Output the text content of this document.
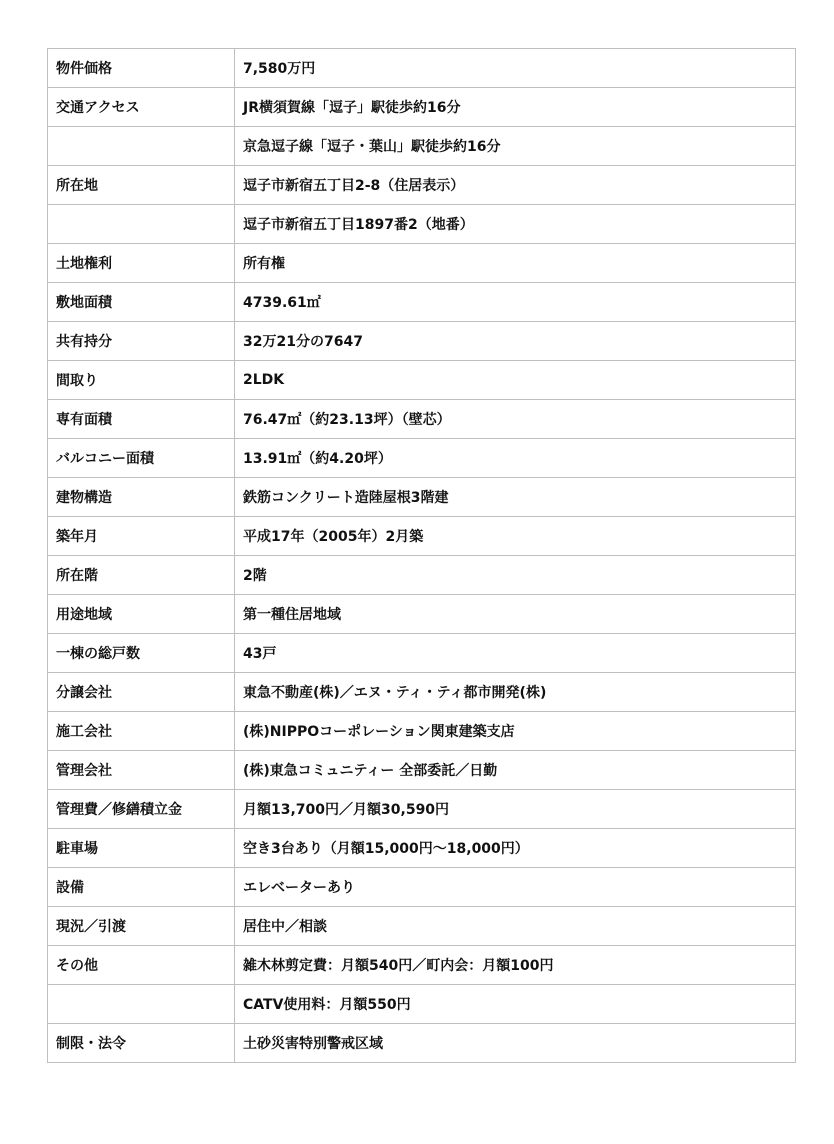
物件価格	7,580万円
交通アクセス	JR横須賀線「逗子」駅徒歩約16分
	京急逗子線「逗子・葉山」駅徒歩約16分
所在地	逗子市新宿五丁目2-8（住居表示）
	逗子市新宿五丁目1897番2（地番）
土地権利	所有権
敷地面積	4739.61㎡
共有持分	32万21分の7647
間取り	2LDK
専有面積	76.47㎡（約23.13坪）（壁芯）
バルコニー面積	13.91㎡（約4.20坪）
建物構造	鉄筋コンクリート造陸屋根3階建
築年月	平成17年（2005年）2月築
所在階	2階
用途地域	第一種住居地域
一棟の総戸数	43戸
分譲会社	東急不動産(株)／エヌ・ティ・ティ都市開発(株)
施工会社	(株)NIPPOコーポレーション関東建築支店
管理会社	(株)東急コミュニティー 全部委託／日勤
管理費／修繕積立金	月額13,700円／月額30,590円
駐車場	空き3台あり（月額15,000円～18,000円）
設備	エレベーターあり
現況／引渡	居住中／相談
その他	雑木林剪定費：月額540円／町内会：月額100円
	CATV使用料：月額550円
制限・法令	土砂災害特別警戒区域
